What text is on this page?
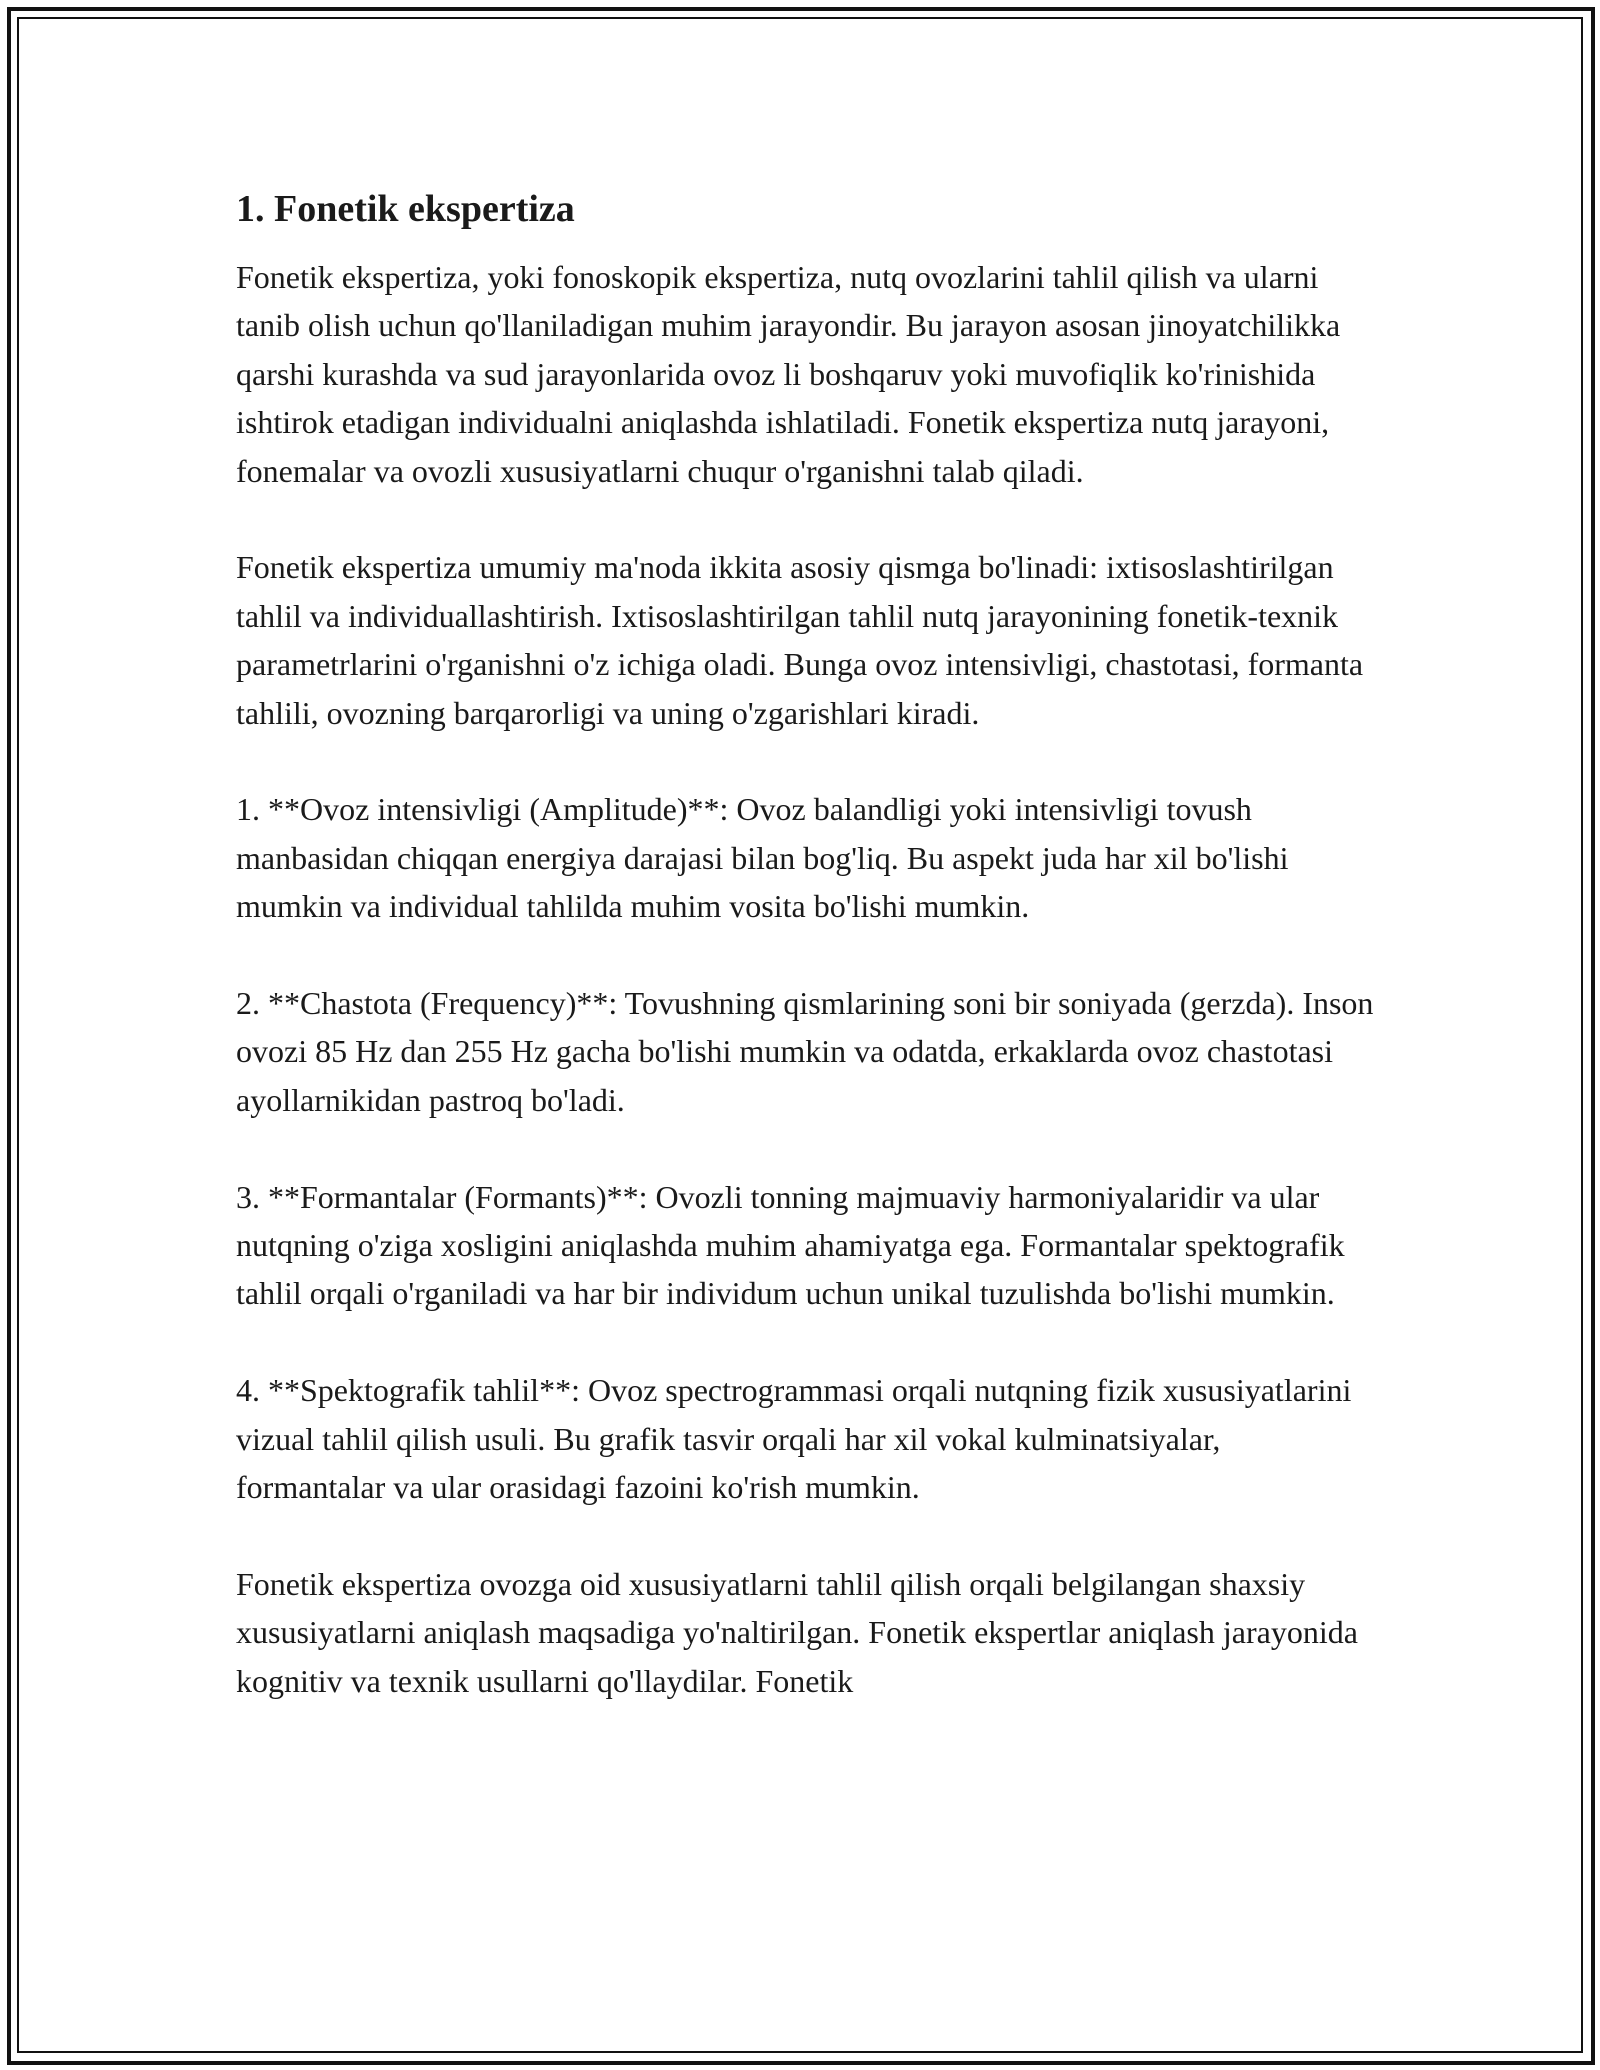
1. Fonetik ekspertiza

Fonetik ekspertiza, yoki fonoskopik ekspertiza, nutq ovozlarini tahlil qilish va ularni tanib olish uchun qo'llaniladigan muhim jarayondir. Bu jarayon asosan jinoyatchilikka qarshi kurashda va sud jarayonlarida ovoz li boshqaruv yoki muvofiqlik ko'rinishida ishtirok etadigan individualni aniqlashda ishlatiladi. Fonetik ekspertiza nutq jarayoni, fonemalar va ovozli xususiyatlarni chuqur o'rganishni talab qiladi.

Fonetik ekspertiza umumiy ma'noda ikkita asosiy qismga bo'linadi: ixtisoslashtirilgan tahlil va individuallashtirish. Ixtisoslashtirilgan tahlil nutq jarayonining fonetik-texnik parametrlarini o'rganishni o'z ichiga oladi. Bunga ovoz intensivligi, chastotasi, formanta tahlili, ovozning barqarorligi va uning o'zgarishlari kiradi.

1. **Ovoz intensivligi (Amplitude)**: Ovoz balandligi yoki intensivligi tovush manbasidan chiqqan energiya darajasi bilan bog'liq. Bu aspekt juda har xil bo'lishi mumkin va individual tahlilda muhim vosita bo'lishi mumkin.

2. **Chastota (Frequency)**: Tovushning qismlarining soni bir soniyada (gerzda). Inson ovozi 85 Hz dan 255 Hz gacha bo'lishi mumkin va odatda, erkaklarda ovoz chastotasi ayollarnikidan pastroq bo'ladi.

3. **Formantalar (Formants)**: Ovozli tonning majmuaviy harmoniyalaridir va ular nutqning o'ziga xosligini aniqlashda muhim ahamiyatga ega. Formantalar spektografik tahlil orqali o'rganiladi va har bir individum uchun unikal tuzulishda bo'lishi mumkin.

4. **Spektografik tahlil**: Ovoz spectrogrammasi orqali nutqning fizik xususiyatlarini vizual tahlil qilish usuli. Bu grafik tasvir orqali har xil vokal kulminatsiyalar, formantalar va ular orasidagi fazoini ko'rish mumkin.

Fonetik ekspertiza ovozga oid xususiyatlarni tahlil qilish orqali belgilangan shaxsiy xususiyatlarni aniqlash maqsadiga yo'naltirilgan. Fonetik ekspertlar aniqlash jarayonida kognitiv va texnik usullarni qo'llaydilar. Fonetik
